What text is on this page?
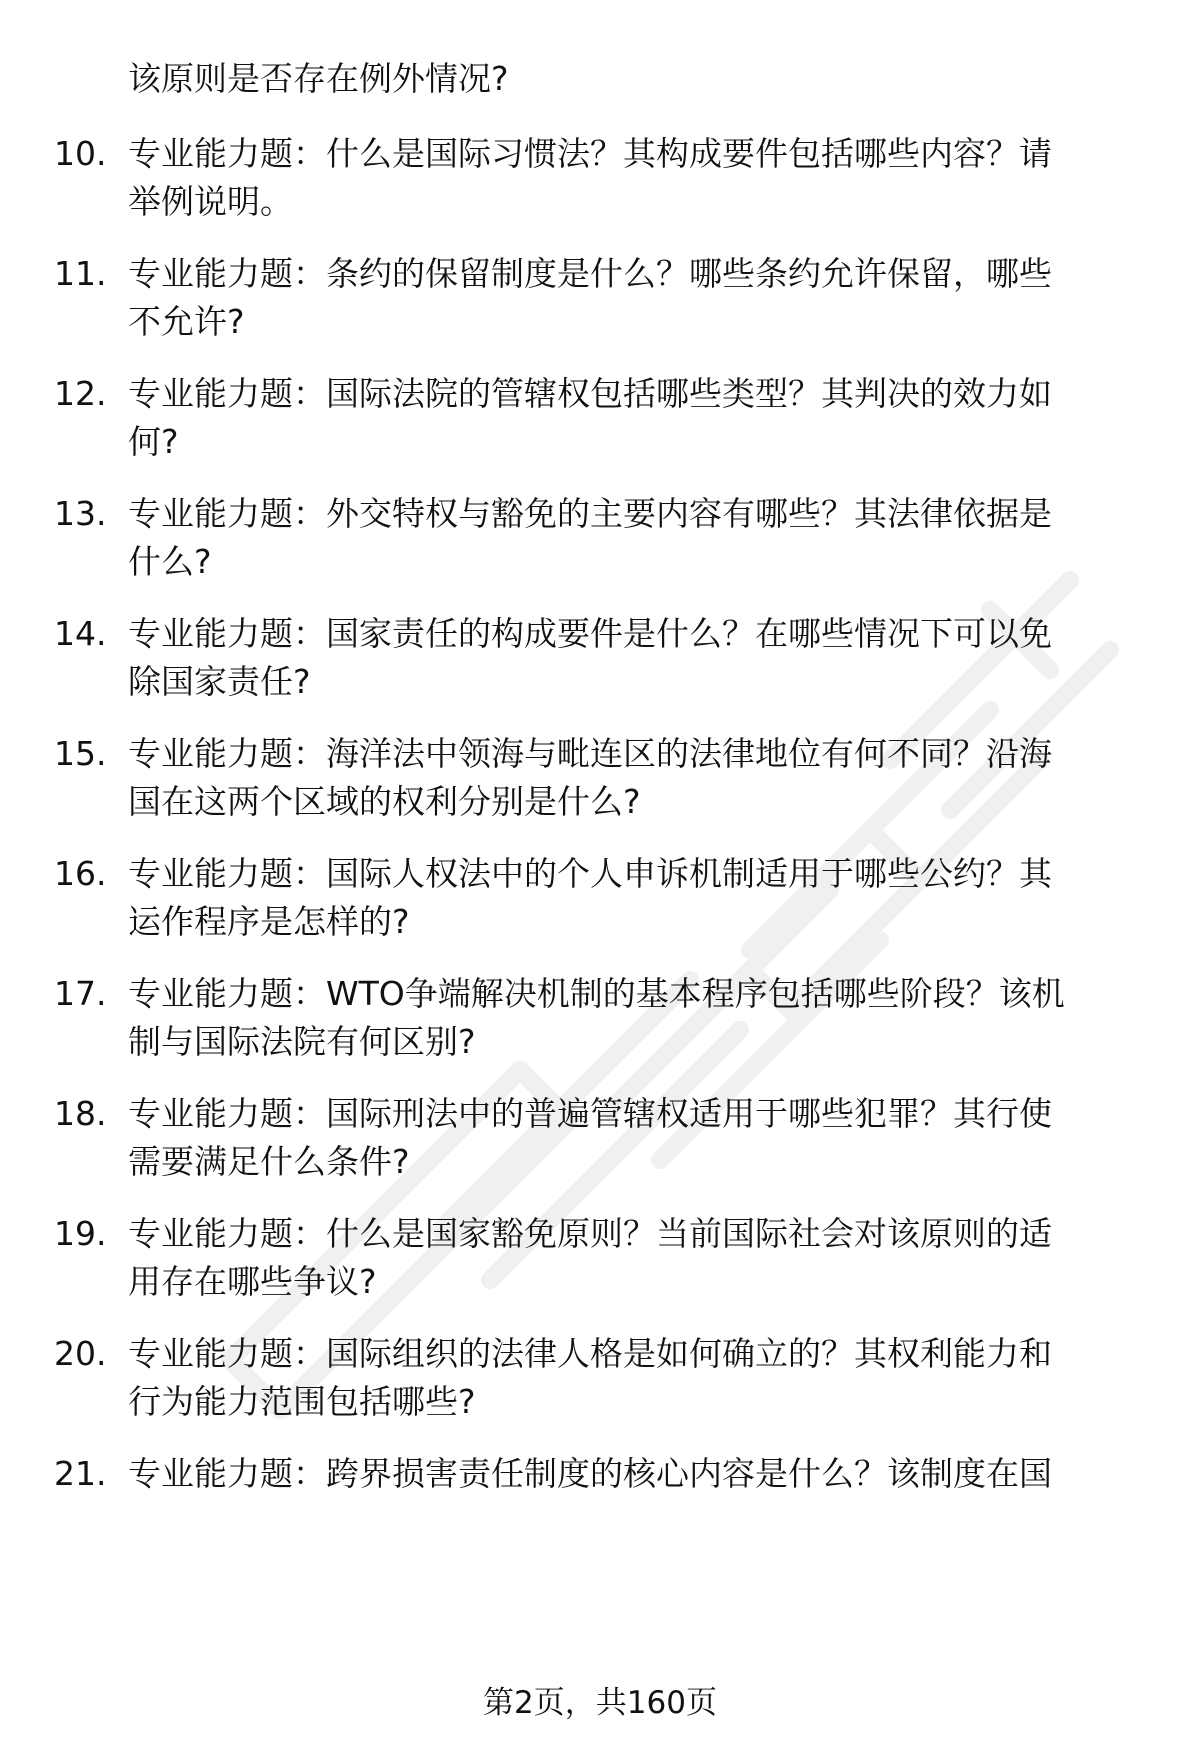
该原则是否存在例外情况?
10. 专业能力题：什么是国际习惯法？其构成要件包括哪些内容？请
举例说明。
11. 专业能力题：条约的保留制度是什么？哪些条约允许保留，哪些
不允许?
12. 专业能力题：国际法院的管辖权包括哪些类型？其判决的效力如
何?
13. 专业能力题：外交特权与豁免的主要内容有哪些？其法律依据是
什么?
14. 专业能力题：国家责任的构成要件是什么？在哪些情况下可以免
除国家责任?
15. 专业能力题：海洋法中领海与毗连区的法律地位有何不同？沿海
国在这两个区域的权利分别是什么?
16. 专业能力题：国际人权法中的个人申诉机制适用于哪些公约？其
运作程序是怎样的?
17. 专业能力题：WTO争端解决机制的基本程序包括哪些阶段？该机
制与国际法院有何区别?
18. 专业能力题：国际刑法中的普遍管辖权适用于哪些犯罪？其行使
需要满足什么条件?
19. 专业能力题：什么是国家豁免原则？当前国际社会对该原则的适
用存在哪些争议?
20. 专业能力题：国际组织的法律人格是如何确立的？其权利能力和
行为能力范围包括哪些?
21. 专业能力题：跨界损害责任制度的核心内容是什么？该制度在国
第2页，共160页
